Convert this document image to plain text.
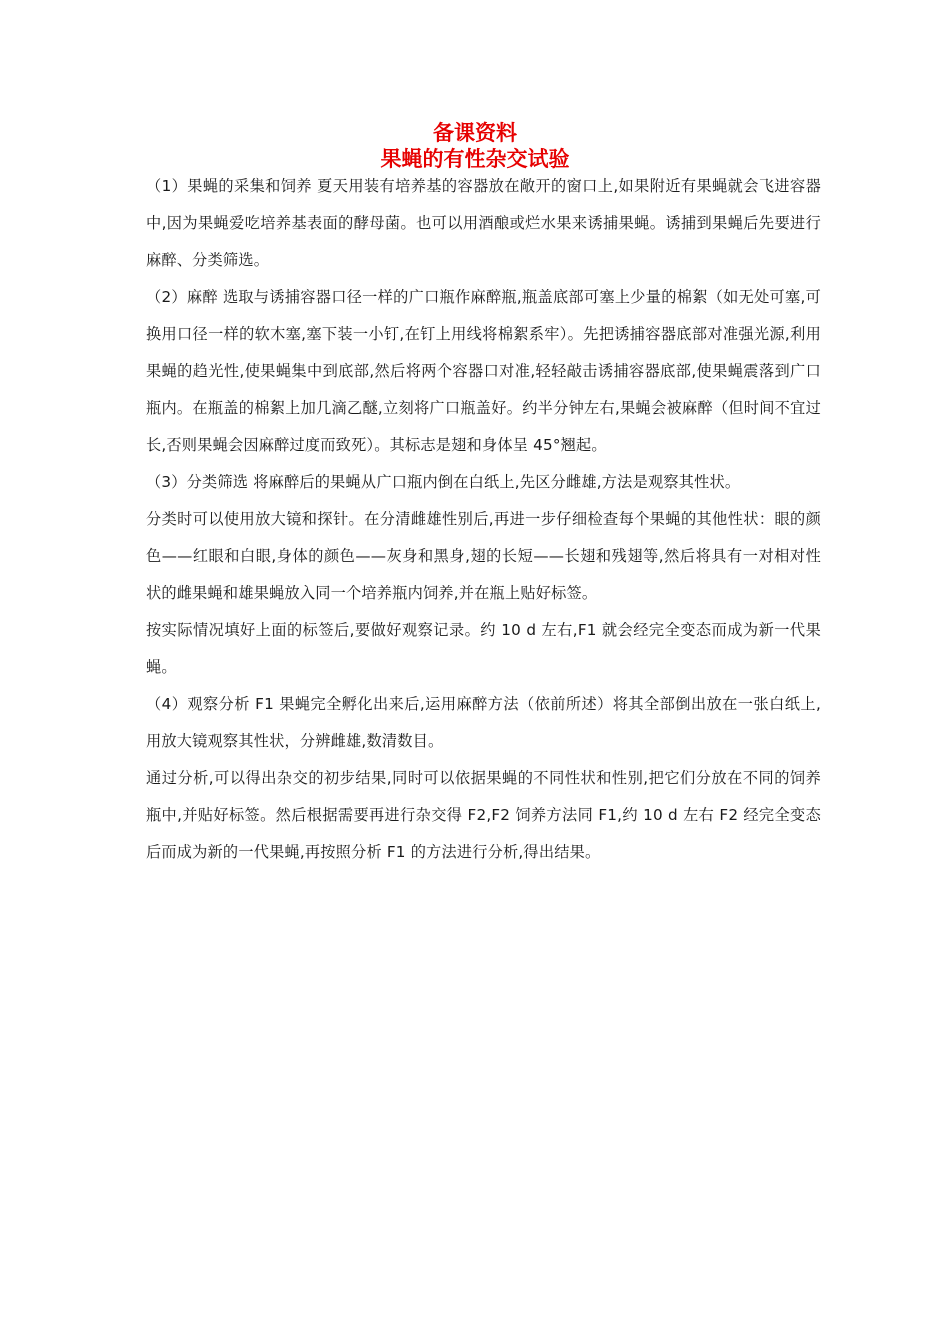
备课资料
果蝇的有性杂交试验

（1）果蝇的采集和饲养 夏天用装有培养基的容器放在敞开的窗口上,如果附近有果蝇就会飞进容器中,因为果蝇爱吃培养基表面的酵母菌。也可以用酒酿或烂水果来诱捕果蝇。诱捕到果蝇后先要进行麻醉、分类筛选。

（2）麻醉 选取与诱捕容器口径一样的广口瓶作麻醉瓶,瓶盖底部可塞上少量的棉絮（如无处可塞,可换用口径一样的软木塞,塞下装一小钉,在钉上用线将棉絮系牢）。先把诱捕容器底部对准强光源,利用果蝇的趋光性,使果蝇集中到底部,然后将两个容器口对准,轻轻敲击诱捕容器底部,使果蝇震落到广口瓶内。在瓶盖的棉絮上加几滴乙醚,立刻将广口瓶盖好。约半分钟左右,果蝇会被麻醉（但时间不宜过长,否则果蝇会因麻醉过度而致死）。其标志是翅和身体呈 45°翘起。

（3）分类筛选 将麻醉后的果蝇从广口瓶内倒在白纸上,先区分雌雄,方法是观察其性状。

分类时可以使用放大镜和探针。在分清雌雄性别后,再进一步仔细检查每个果蝇的其他性状：眼的颜色——红眼和白眼,身体的颜色——灰身和黑身,翅的长短——长翅和残翅等,然后将具有一对相对性状的雌果蝇和雄果蝇放入同一个培养瓶内饲养,并在瓶上贴好标签。

按实际情况填好上面的标签后,要做好观察记录。约 10 d 左右,F1 就会经完全变态而成为新一代果蝇。

（4）观察分析 F1 果蝇完全孵化出来后,运用麻醉方法（依前所述）将其全部倒出放在一张白纸上,用放大镜观察其性状，分辨雌雄,数清数目。

通过分析,可以得出杂交的初步结果,同时可以依据果蝇的不同性状和性别,把它们分放在不同的饲养瓶中,并贴好标签。然后根据需要再进行杂交得 F2,F2 饲养方法同 F1,约 10 d 左右 F2 经完全变态后而成为新的一代果蝇,再按照分析 F1 的方法进行分析,得出结果。
